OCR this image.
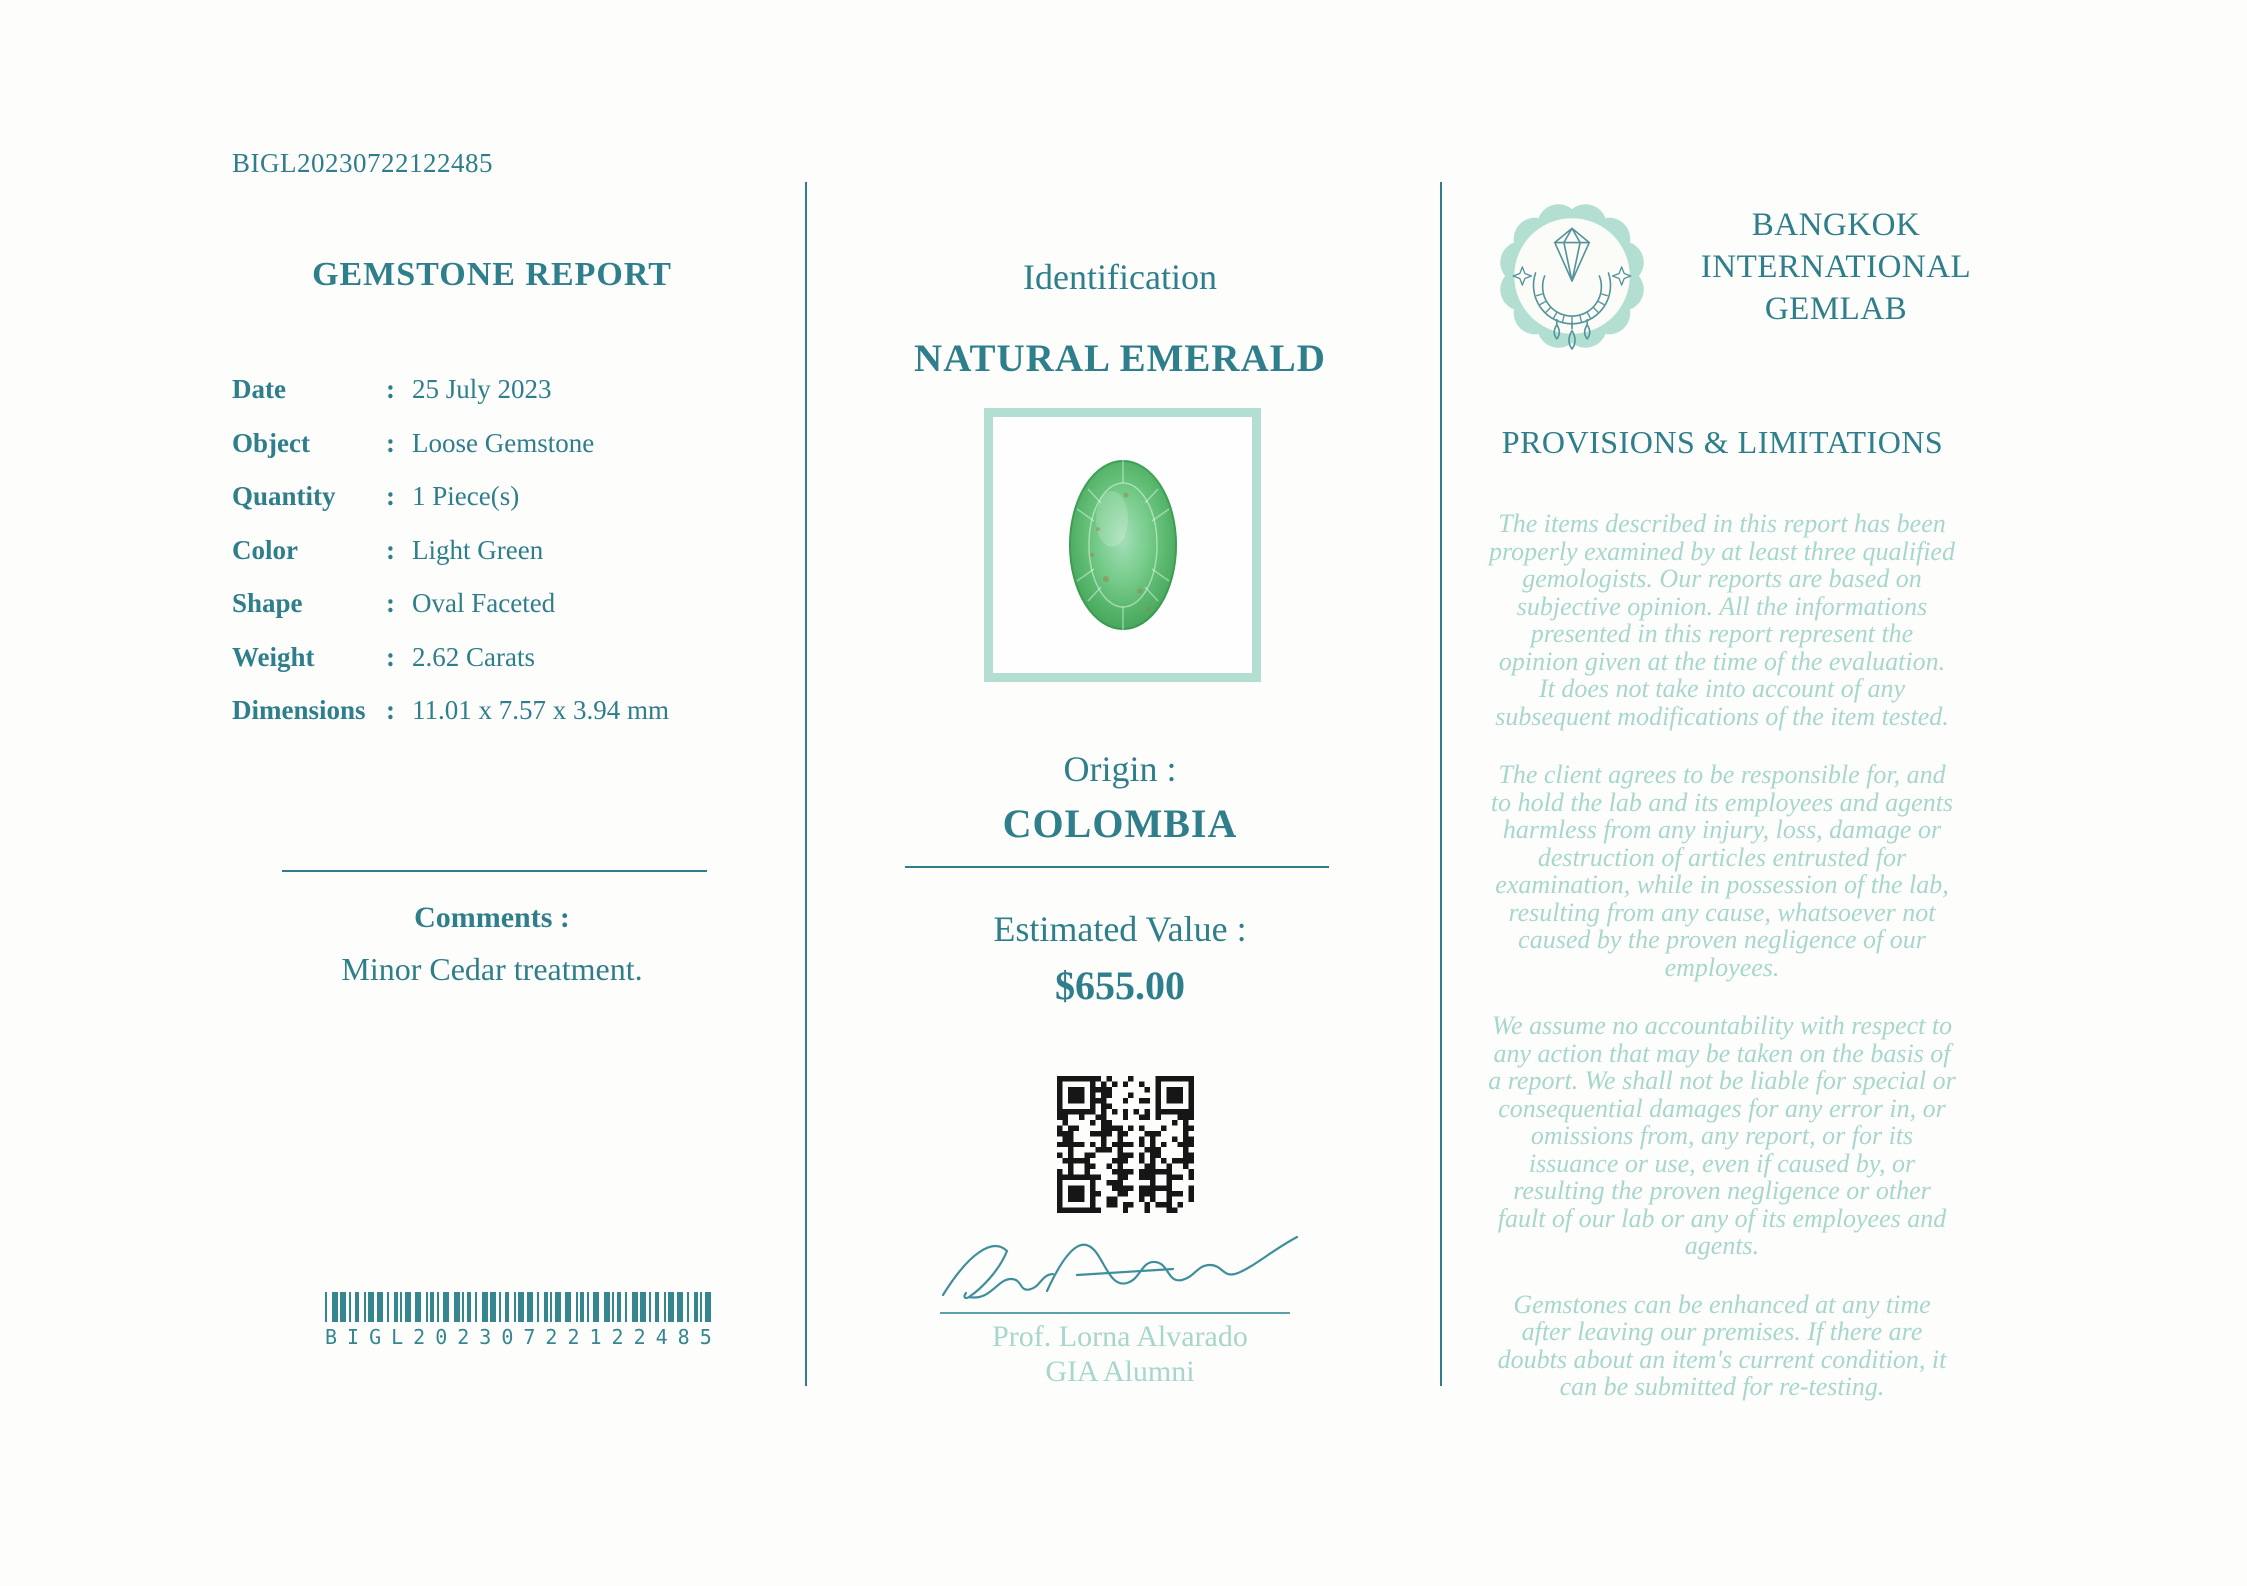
BIGL20230722122485
GEMSTONE REPORT
Date	: 25 July 2023
Object	: Loose Gemstone
Quantity	: 1 Piece(s)
Color	: Light Green
Shape	: Oval Faceted
Weight	: 2.62 Carats
Dimensions : 11.01 x 7.57 x 3.94 mm
Comments :
Minor Cedar treatment.
BIGL20230722122485
Identification
NATURAL EMERALD
Origin :
COLOMBIA
Estimated Value :
$655.00
Prof. Lorna Alvarado
GIA Alumni
BANGKOK INTERNATIONAL GEMLAB
PROVISIONS & LIMITATIONS

The items described in this report has been properly examined by at least three qualified gemologists. Our reports are based on subjective opinion. All the informations presented in this report represent the opinion given at the time of the evaluation. It does not take into account of any subsequent modifications of the item tested.

The client agrees to be responsible for, and to hold the lab and its employees and agents harmless from any injury, loss, damage or destruction of articles entrusted for examination, while in possession of the lab, resulting from any cause, whatsoever not caused by the proven negligence of our employees.

We assume no accountability with respect to any action that may be taken on the basis of a report. We shall not be liable for special or consequential damages for any error in, or omissions from, any report, or for its issuance or use, even if caused by, or resulting the proven negligence or other fault of our lab or any of its employees and agents.

Gemstones can be enhanced at any time after leaving our premises. If there are doubts about an item's current condition, it can be submitted for re-testing.
